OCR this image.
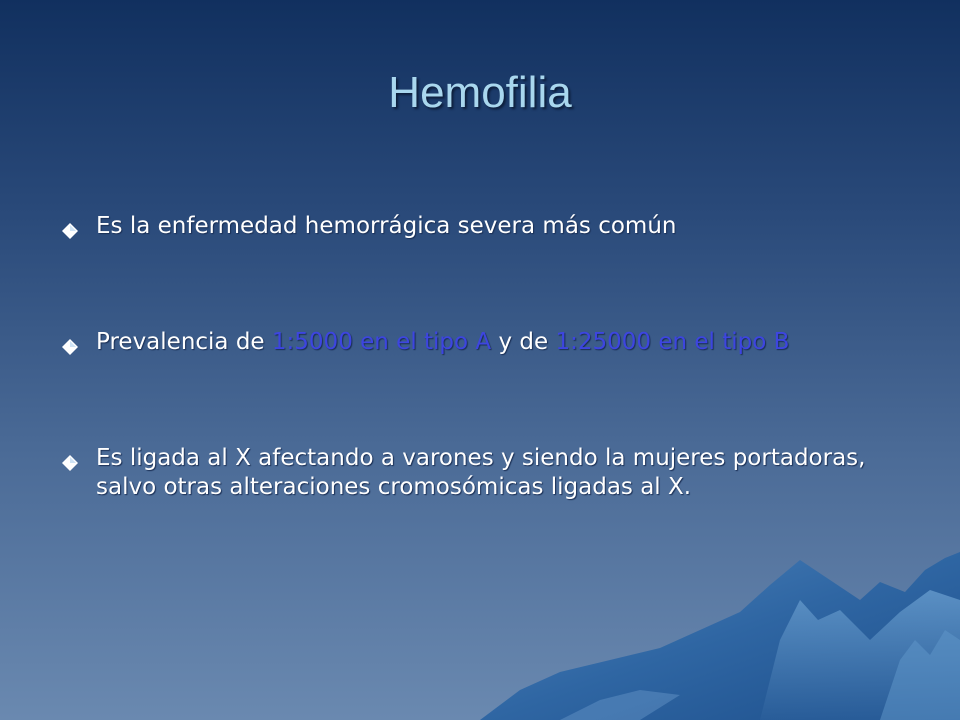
Hemofilia
Es la enfermedad hemorrágica severa más común
Prevalencia de 1:5000 en el tipo A y de 1:25000 en el tipo B
Es ligada al X afectando a varones y siendo la mujeres portadoras, salvo otras alteraciones cromosómicas ligadas al X.
